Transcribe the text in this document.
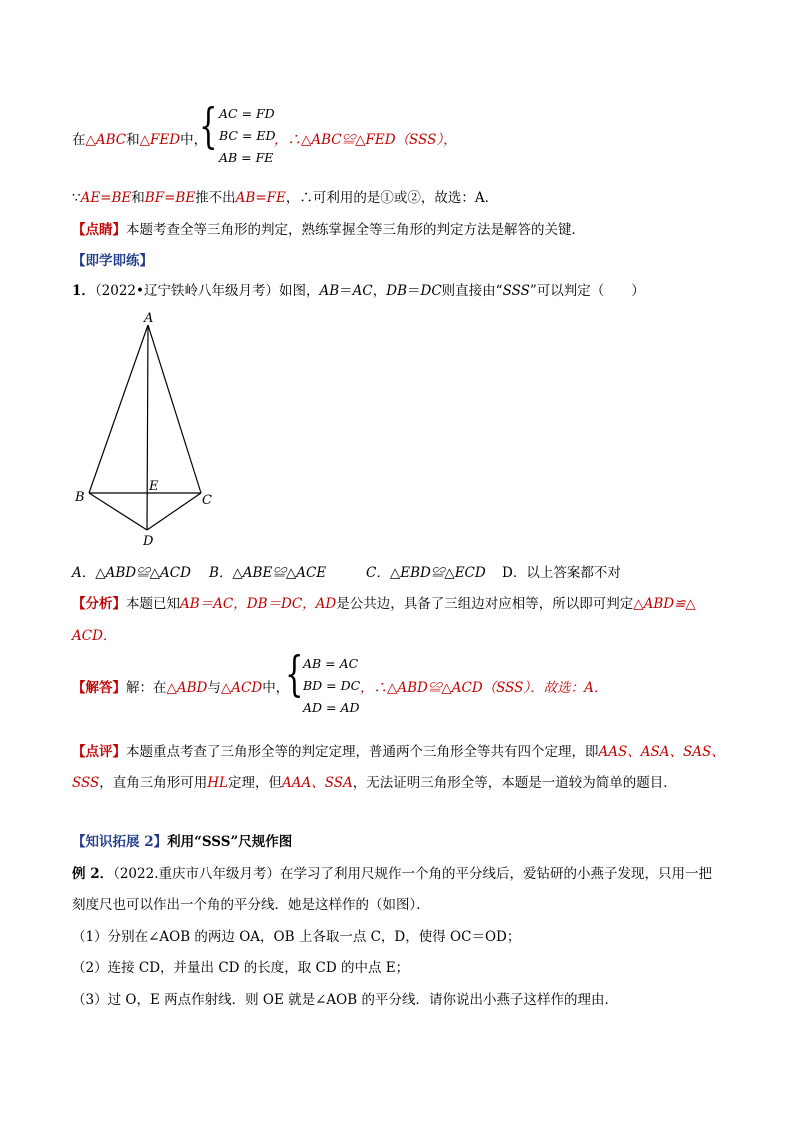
在△ABC和△FED中，
{ AC = FD
BC = ED
AB = FE
，∴△ABC≌△FED（SSS），
∵AE=BE和BF=BE推不出AB=FE，∴可利用的是①或②，故选：A．
【点睛】本题考查全等三角形的判定，熟练掌握全等三角形的判定方法是解答的关键．
【即学即练】
1．（2022•辽宁铁岭八年级月考）如图，AB＝AC，DB＝DC则直接由“SSS”可以判定（　　）
A
B	C
D
E
A．△ABD≌△ACD B．△ABE≌△ACE	C．△EBD≌△ECD D．以上答案都不对
【分析】本题已知AB＝AC，DB＝DC，AD是公共边，具备了三组边对应相等，所以即可判定△ABD≌△
ACD．
【解答】解：在△ABD与△ACD中，
{ AB = AC
BD = DC
AD = AD
，∴△ABD≌△ACD（SSS）．故选：A．
【点评】本题重点考查了三角形全等的判定定理，普通两个三角形全等共有四个定理，即AAS、ASA、SAS、
SSS，直角三角形可用HL定理，但AAA、SSA，无法证明三角形全等，本题是一道较为简单的题目．
【知识拓展 2】利用“SSS”尺规作图
例 2．（2022.重庆市八年级月考）在学习了利用尺规作一个角的平分线后，爱钻研的小燕子发现，只用一把
刻度尺也可以作出一个角的平分线．她是这样作的（如图）．
（1）分别在∠AOB 的两边 OA，OB 上各取一点 C，D，使得 OC＝OD；
（2）连接 CD，并量出 CD 的长度，取 CD 的中点 E；
（3）过 O，E 两点作射线．则 OE 就是∠AOB 的平分线．请你说出小燕子这样作的理由．
